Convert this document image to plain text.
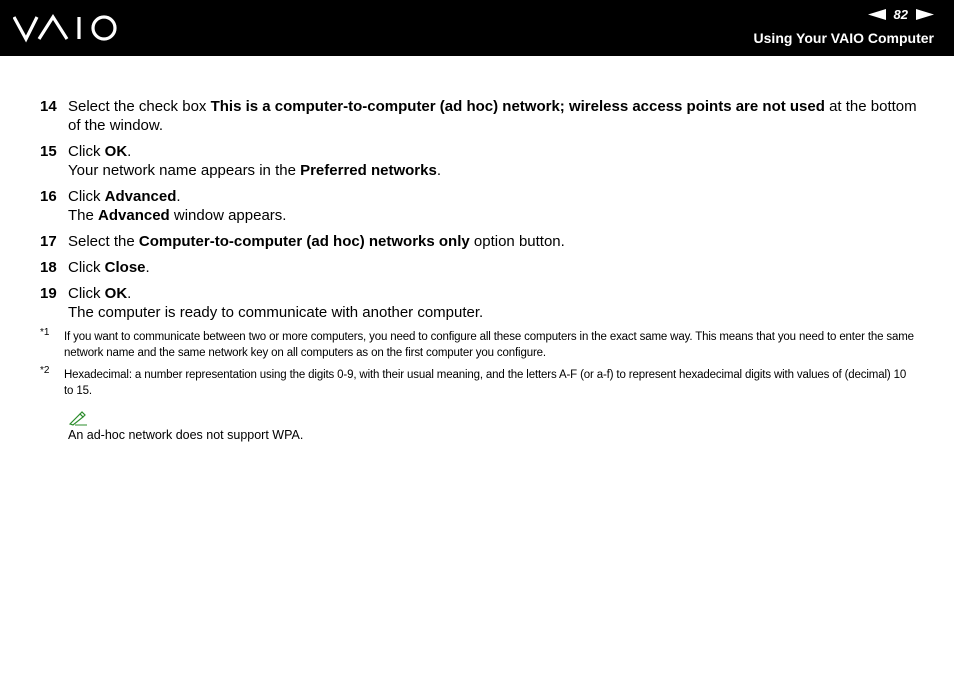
82
Using Your VAIO Computer
14 Select the check box This is a computer-to-computer (ad hoc) network; wireless access points are not used at the bottom of the window.
15 Click OK.
Your network name appears in the Preferred networks.
16 Click Advanced.
The Advanced window appears.
17 Select the Computer-to-computer (ad hoc) networks only option button.
18 Click Close.
19 Click OK.
The computer is ready to communicate with another computer.
*1	If you want to communicate between two or more computers, you need to configure all these computers in the exact same way. This means that you need to enter the same network name and the same network key on all computers as on the first computer you configure.
*2	Hexadecimal: a number representation using the digits 0-9, with their usual meaning, and the letters A-F (or a-f) to represent hexadecimal digits with values of (decimal) 10 to 15.
An ad-hoc network does not support WPA.
